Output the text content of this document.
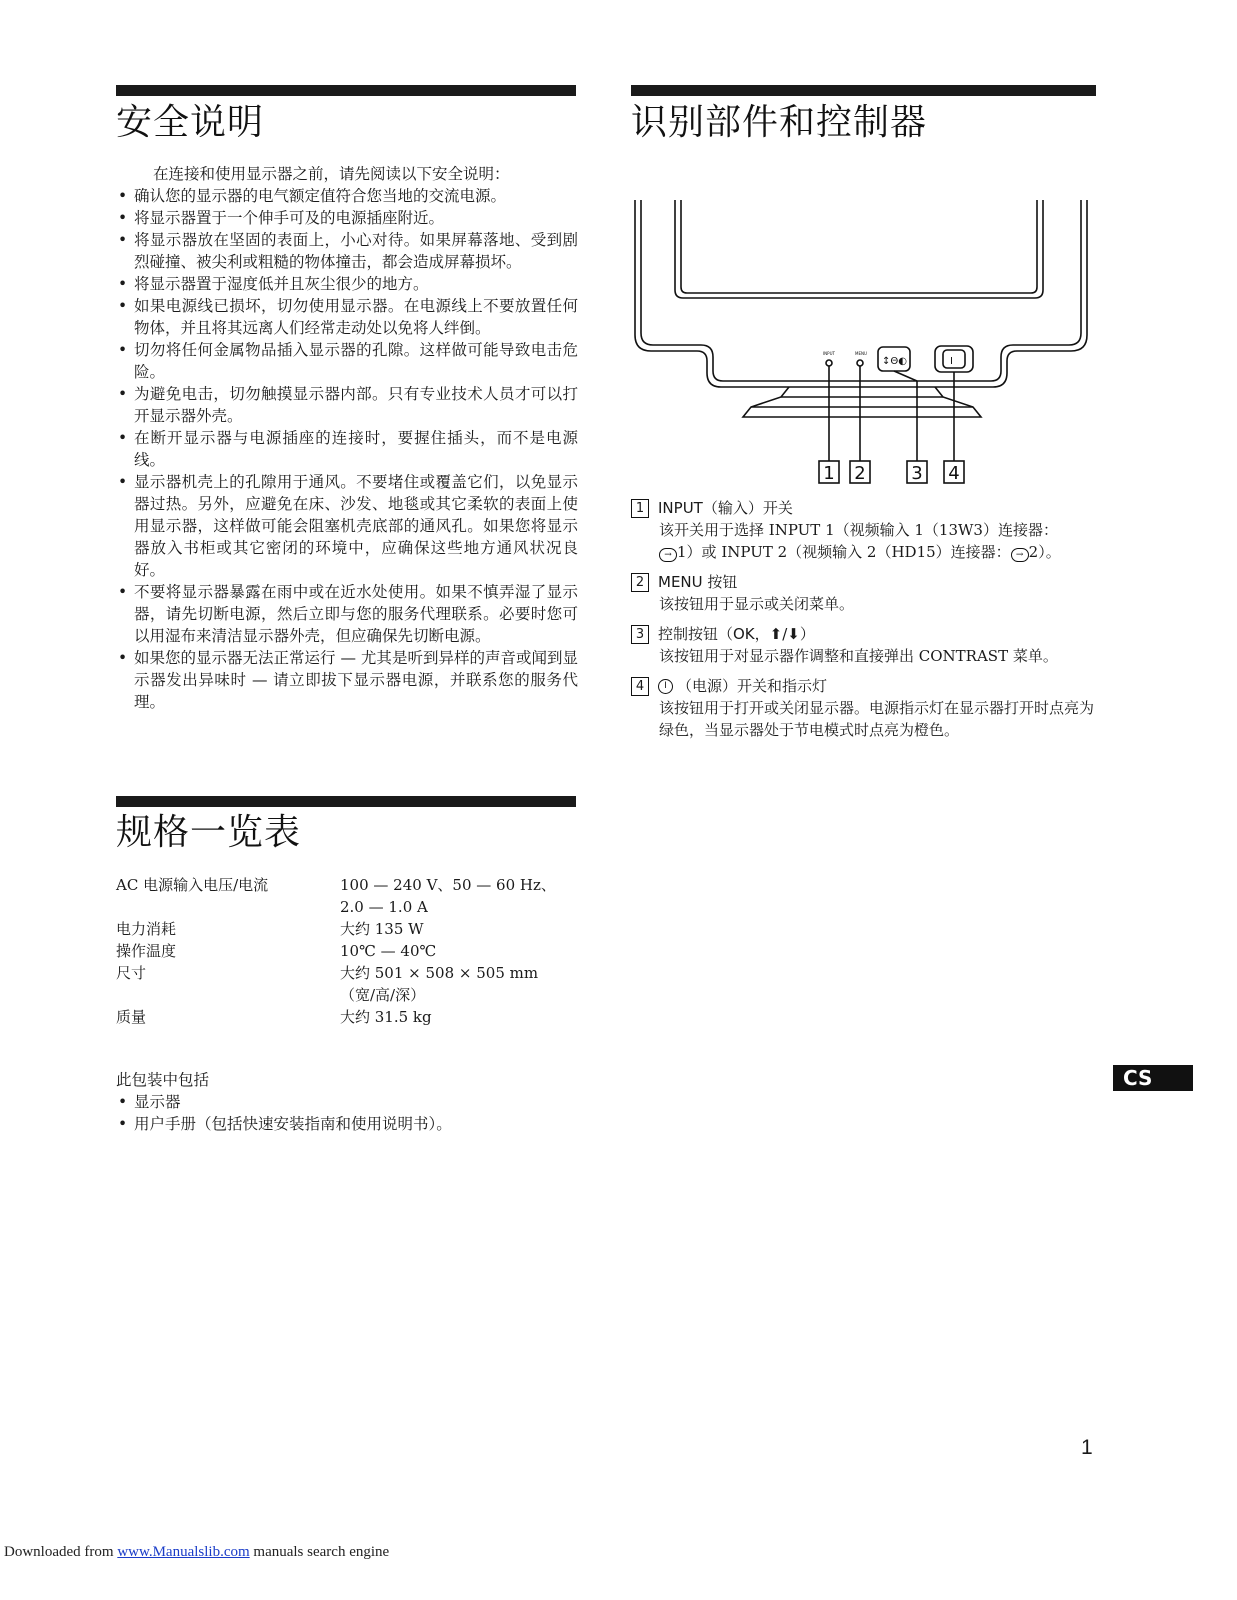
安全说明
在连接和使用显示器之前，请先阅读以下安全说明：
• 确认您的显示器的电气额定值符合您当地的交流电源。
• 将显示器置于一个伸手可及的电源插座附近。
• 将显示器放在坚固的表面上，小心对待。如果屏幕落地、受到剧烈碰撞、被尖利或粗糙的物体撞击，都会造成屏幕损坏。
• 将显示器置于湿度低并且灰尘很少的地方。
• 如果电源线已损坏，切勿使用显示器。在电源线上不要放置任何物体，并且将其远离人们经常走动处以免将人绊倒。
• 切勿将任何金属物品插入显示器的孔隙。这样做可能导致电击危险。
• 为避免电击，切勿触摸显示器内部。只有专业技术人员才可以打开显示器外壳。
• 在断开显示器与电源插座的连接时，要握住插头，而不是电源线。
• 显示器机壳上的孔隙用于通风。不要堵住或覆盖它们，以免显示器过热。另外，应避免在床、沙发、地毯或其它柔软的表面上使用显示器，这样做可能会阻塞机壳底部的通风孔。如果您将显示器放入书柜或其它密闭的环境中，应确保这些地方通风状况良好。
• 不要将显示器暴露在雨中或在近水处使用。如果不慎弄湿了显示器，请先切断电源，然后立即与您的服务代理联系。必要时您可以用湿布来清洁显示器外壳，但应确保先切断电源。
• 如果您的显示器无法正常运行 — 尤其是听到异样的声音或闻到显示器发出异味时 — 请立即拔下显示器电源，并联系您的服务代理。
规格一览表
AC 电源输入电压/电流	100 — 240 V、50 — 60 Hz、
2.0 — 1.0 A
电力消耗	大约 135 W
操作温度	10℃ — 40℃
尺寸	大约 501 × 508 × 505 mm
（宽/高/深）
质量	大约 31.5 kg
此包装中包括
• 显示器
• 用户手册（包括快速安装指南和使用说明书）。
识别部件和控制器
INPUT	MENU
↕Θ◐	Ⅰ
1 2	3 4
1 INPUT（输入）开关
该开关用于选择 INPUT 1（视频输入 1（13W3）连接器：
→ 1）或 INPUT 2（视频输入 2（HD15）连接器： → 2）。
2 MENU 按钮
该按钮用于显示或关闭菜单。
3 控制按钮（OK， ⬆/⬇ ）
该按钮用于对显示器作调整和直接弹出 CONTRAST 菜单。
4	I （电源）开关和指示灯
该按钮用于打开或关闭显示器。电源指示灯在显示器打开时点亮为绿色，当显示器处于节电模式时点亮为橙色。
CS
1
Downloaded from www.Manualslib.com manuals search engine
